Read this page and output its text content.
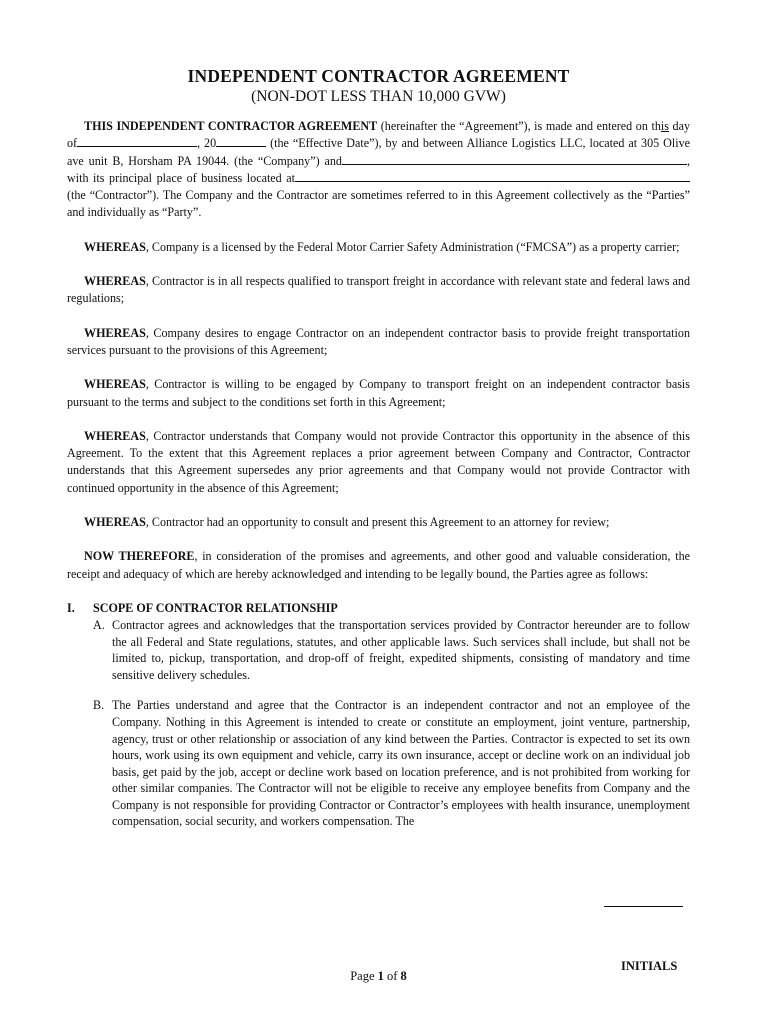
INDEPENDENT CONTRACTOR AGREEMENT
(NON-DOT LESS THAN 10,000 GVW)

THIS INDEPENDENT CONTRACTOR AGREEMENT (hereinafter the “Agreement”), is made and entered on this day of	, 20	(the “Effective Date”), by and between Alliance Logistics LLC, located at 305 Olive ave unit B, Horsham PA 19044. (the “Company”) and	, with its principal place of business located at(the “Contractor”). The Company and the Contractor are sometimes referred to in this Agreement collectively as the “Parties” and individually as “Party”.

WHEREAS, Company is a licensed by the Federal Motor Carrier Safety Administration (“FMCSA”) as a property carrier;

WHEREAS, Contractor is in all respects qualified to transport freight in accordance with relevant state and federal laws and regulations;

WHEREAS, Company desires to engage Contractor on an independent contractor basis to provide freight transportation services pursuant to the provisions of this Agreement;

WHEREAS, Contractor is willing to be engaged by Company to transport freight on an independent contractor basis pursuant to the terms and subject to the conditions set forth in this Agreement;

WHEREAS, Contractor understands that Company would not provide Contractor this opportunity in the absence of this Agreement. To the extent that this Agreement replaces a prior agreement between Company and Contractor, Contractor understands that this Agreement supersedes any prior agreements and that Company would not provide Contractor with continued opportunity in the absence of this Agreement;

WHEREAS, Contractor had an opportunity to consult and present this Agreement to an attorney for review;

NOW THEREFORE, in consideration of the promises and agreements, and other good and valuable consideration, the receipt and adequacy of which are hereby acknowledged and intending to be legally bound, the Parties agree as follows:

I. SCOPE OF CONTRACTOR RELATIONSHIP
A. Contractor agrees and acknowledges that the transportation services provided by Contractor hereunder are to follow the all Federal and State regulations, statutes, and other applicable laws. Such services shall include, but shall not be limited to, pickup, transportation, and drop-off of freight, expedited shipments, consisting of mandatory and time sensitive delivery schedules.

B. The Parties understand and agree that the Contractor is an independent contractor and not an employee of the Company. Nothing in this Agreement is intended to create or constitute an employment, joint venture, partnership, agency, trust or other relationship or association of any kind between the Parties. Contractor is expected to set its own hours, work using its own equipment and vehicle, carry its own insurance, accept or decline work on an individual job basis, get paid by the job, accept or decline work based on location preference, and is not prohibited from working for other similar companies. The Contractor will not be eligible to receive any employee benefits from Company and the Company is not responsible for providing Contractor or Contractor’s employees with health insurance, unemployment compensation, social security, and workers compensation. The

INITIALS
Page 1 of 8
